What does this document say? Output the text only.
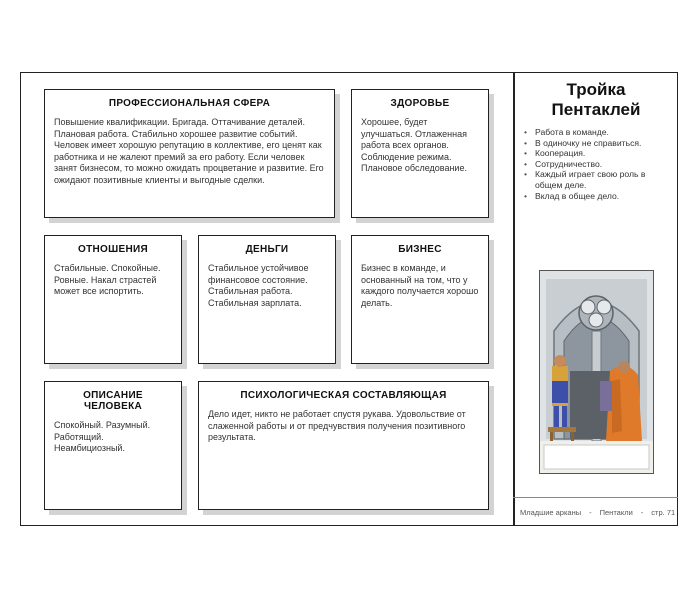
ПРОФЕССИОНАЛЬНАЯ СФЕРА

Повышение квалификации. Бригада. Оттачивание деталей. Плановая работа. Стабильно хорошее развитие событий. Человек имеет хорошую репутацию в коллективе, его ценят как работника и не жалеют премий за его работу. Если человек занят бизнесом, то можно ожидать процветание и развитие. Его ожидают позитивные клиенты и выгодные сделки.

ЗДОРОВЬЕ

Хорошее, будет улучшаться. Отлаженная работа всех органов. Соблюдение режима. Плановое обследование.

ОТНОШЕНИЯ

Стабильные. Спокойные. Ровные. Накал страстей может все испортить.

ДЕНЬГИ

Стабильное устойчивое финансовое состояние. Стабильная работа. Стабильная зарплата.

БИЗНЕС

Бизнес в команде, и основанный на том, что у каждого получается хорошо делать.

ОПИСАНИЕ ЧЕЛОВЕКА

Спокойный. Разумный. Работящий. Неамбициозный.

ПСИХОЛОГИЧЕСКАЯ СОСТАВЛЯЮЩАЯ

Дело идет, никто не работает спустя рукава. Удовольствие от слаженной работы и от предчувствия получения позитивного результата.

Тройка
Пентаклей
• Работа в команде.
• В одиночку не справиться.
• Кооперация.
• Сотрудничество.
• Каждый играет свою роль в общем деле.
• Вклад в общее дело.
Младшие арканы - Пентакли - стр. 71
